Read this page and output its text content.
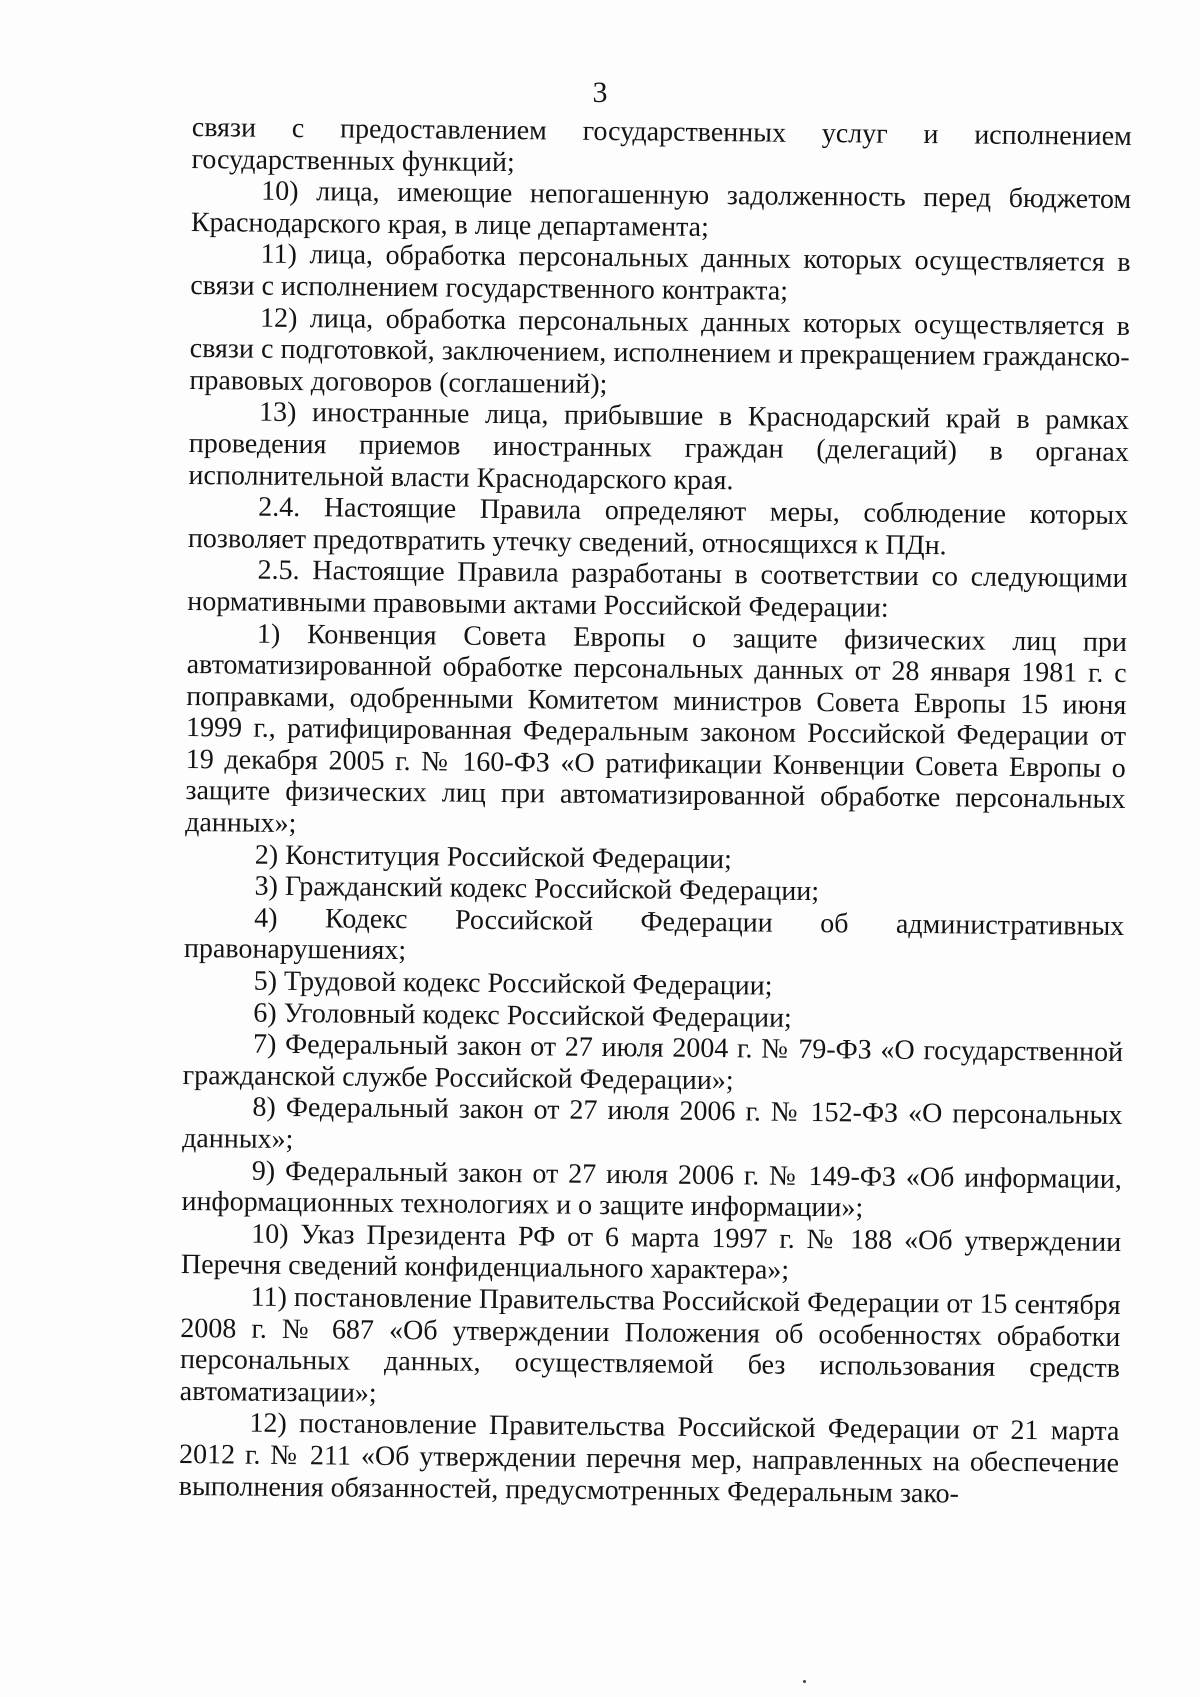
3

связи с предоставлением государственных услуг и исполнением государственных функций;

10) лица, имеющие непогашенную задолженность перед бюджетом Краснодарского края, в лице департамента;

11) лица, обработка персональных данных которых осуществляется в связи с исполнением государственного контракта;

12) лица, обработка персональных данных которых осуществляется в связи с подготовкой, заключением, исполнением и прекращением гражданско-правовых договоров (соглашений);

13) иностранные лица, прибывшие в Краснодарский край в рамках проведения приемов иностранных граждан (делегаций) в органах исполнительной власти Краснодарского края.

2.4. Настоящие Правила определяют меры, соблюдение которых позволяет предотвратить утечку сведений, относящихся к ПДн.

2.5. Настоящие Правила разработаны в соответствии со следующими нормативными правовыми актами Российской Федерации:

1) Конвенция Совета Европы о защите физических лиц при автоматизированной обработке персональных данных от 28 января 1981 г. с поправками, одобренными Комитетом министров Совета Европы 15 июня 1999 г., ратифицированная Федеральным законом Российской Федерации от 19 декабря 2005 г. № 160-ФЗ «О ратификации Конвенции Совета Европы о защите физических лиц при автоматизированной обработке персональных данных»;

2) Конституция Российской Федерации;

3) Гражданский кодекс Российской Федерации;

4) Кодекс Российской Федерации об административных правонарушениях;

5) Трудовой кодекс Российской Федерации;

6) Уголовный кодекс Российской Федерации;

7) Федеральный закон от 27 июля 2004 г. № 79-ФЗ «О государственной гражданской службе Российской Федерации»;

8) Федеральный закон от 27 июля 2006 г. № 152-ФЗ «О персональных данных»;

9) Федеральный закон от 27 июля 2006 г. № 149-ФЗ «Об информации, информационных технологиях и о защите информации»;

10) Указ Президента РФ от 6 марта 1997 г. № 188 «Об утверждении Перечня сведений конфиденциального характера»;

11) постановление Правительства Российской Федерации от 15 сентября 2008 г. № 687 «Об утверждении Положения об особенностях обработки персональных данных, осуществляемой без использования средств автоматизации»;

12) постановление Правительства Российской Федерации от 21 марта 2012 г. № 211 «Об утверждении перечня мер, направленных на обеспечение выполнения обязанностей, предусмотренных Федеральным зако-
